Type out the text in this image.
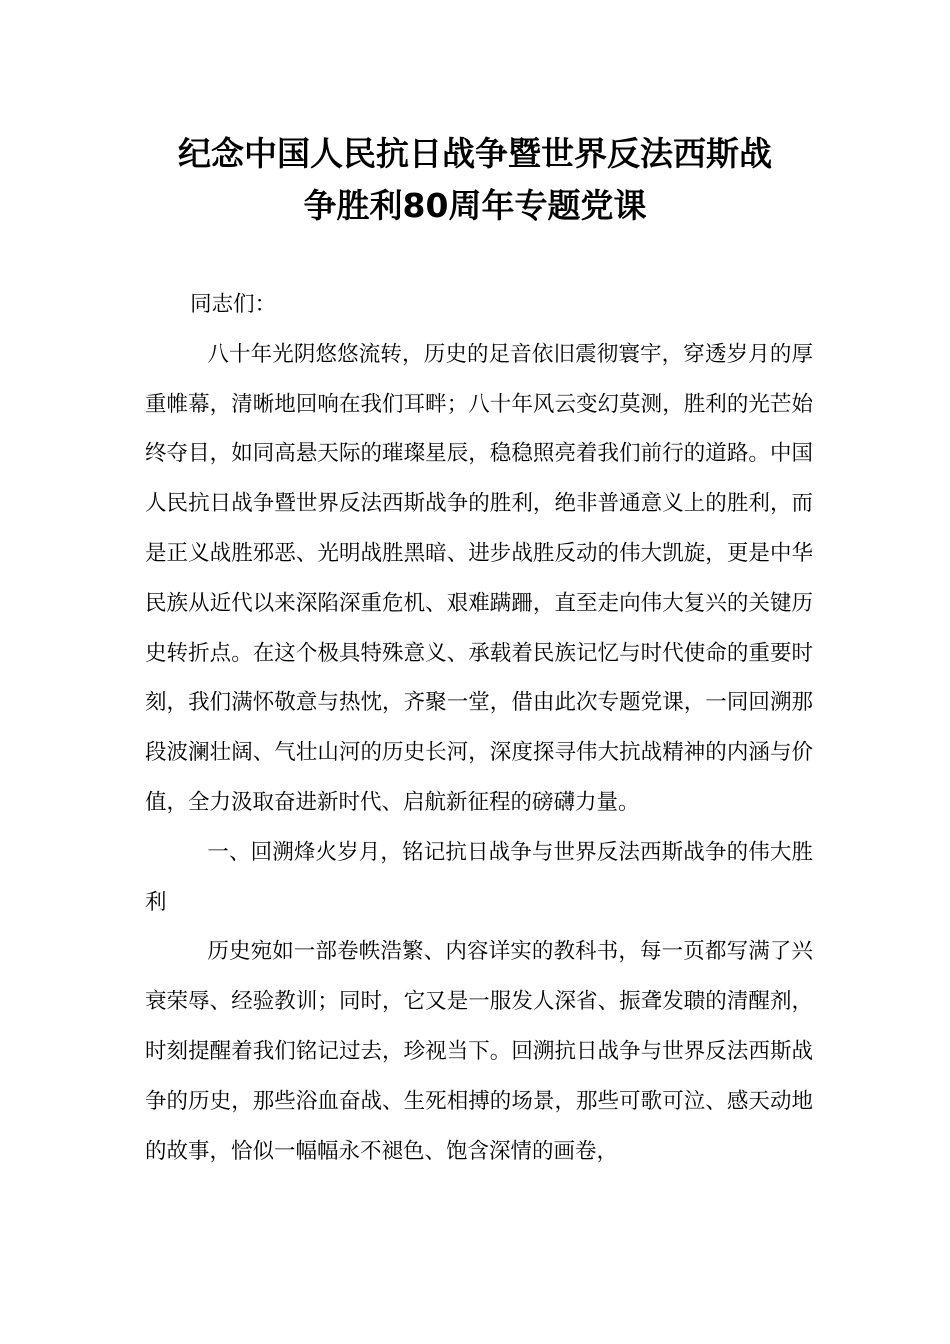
纪念中国人民抗日战争暨世界反法西斯战
争胜利80周年专题党课

同志们：

八十年光阴悠悠流转，历史的足音依旧震彻寰宇，穿透岁月的厚重帷幕，清晰地回响在我们耳畔；八十年风云变幻莫测，胜利的光芒始终夺目，如同高悬天际的璀璨星辰，稳稳照亮着我们前行的道路。中国人民抗日战争暨世界反法西斯战争的胜利，绝非普通意义上的胜利，而是正义战胜邪恶、光明战胜黑暗、进步战胜反动的伟大凯旋，更是中华民族从近代以来深陷深重危机、艰难蹒跚，直至走向伟大复兴的关键历史转折点。在这个极具特殊意义、承载着民族记忆与时代使命的重要时刻，我们满怀敬意与热忱，齐聚一堂，借由此次专题党课，一同回溯那段波澜壮阔、气壮山河的历史长河，深度探寻伟大抗战精神的内涵与价值，全力汲取奋进新时代、启航新征程的磅礴力量。

一、回溯烽火岁月，铭记抗日战争与世界反法西斯战争的伟大胜利

历史宛如一部卷帙浩繁、内容详实的教科书，每一页都写满了兴衰荣辱、经验教训；同时，它又是一服发人深省、振聋发聩的清醒剂，时刻提醒着我们铭记过去，珍视当下。回溯抗日战争与世界反法西斯战争的历史，那些浴血奋战、生死相搏的场景，那些可歌可泣、感天动地的故事，恰似一幅幅永不褪色、饱含深情的画卷，
